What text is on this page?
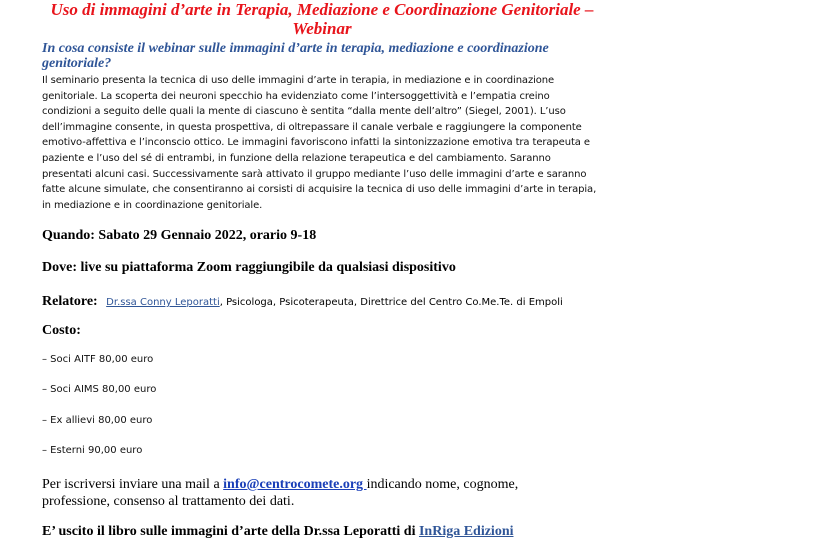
Uso di immagini d’arte in Terapia, Mediazione e Coordinazione Genitoriale – Webinar
In cosa consiste il webinar sulle immagini d’arte in terapia, mediazione e coordinazione genitoriale?

Il seminario presenta la tecnica di uso delle immagini d’arte in terapia, in mediazione e in coordinazione genitoriale. La scoperta dei neuroni specchio ha evidenziato come l’intersoggettività e l’empatia creino condizioni a seguito delle quali la mente di ciascuno è sentita “dalla mente dell’altro” (Siegel, 2001). L’uso dell’immagine consente, in questa prospettiva, di oltrepassare il canale verbale e raggiungere la componente emotivo-affettiva e l’inconscio ottico. Le immagini favoriscono infatti la sintonizzazione emotiva tra terapeuta e paziente e l’uso del sé di entrambi, in funzione della relazione terapeutica e del cambiamento. Saranno presentati alcuni casi. Successivamente sarà attivato il gruppo mediante l’uso delle immagini d’arte e saranno fatte alcune simulate, che consentiranno ai corsisti di acquisire la tecnica di uso delle immagini d’arte in terapia, in mediazione e in coordinazione genitoriale.

Quando: Sabato 29 Gennaio 2022, orario 9-18

Dove: live su piattaforma Zoom raggiungibile da qualsiasi dispositivo

Relatore: Dr.ssa Conny Leporatti, Psicologa, Psicoterapeuta, Direttrice del Centro Co.Me.Te. di Empoli

Costo:

– Soci AITF 80,00 euro
– Soci AIMS 80,00 euro
– Ex allievi 80,00 euro
– Esterni 90,00 euro
Per iscriversi inviare una mail a info@centrocomete.org indicando nome, cognome, professione, consenso al trattamento dei dati.
E’ uscito il libro sulle immagini d’arte della Dr.ssa Leporatti di InRiga Edizioni
